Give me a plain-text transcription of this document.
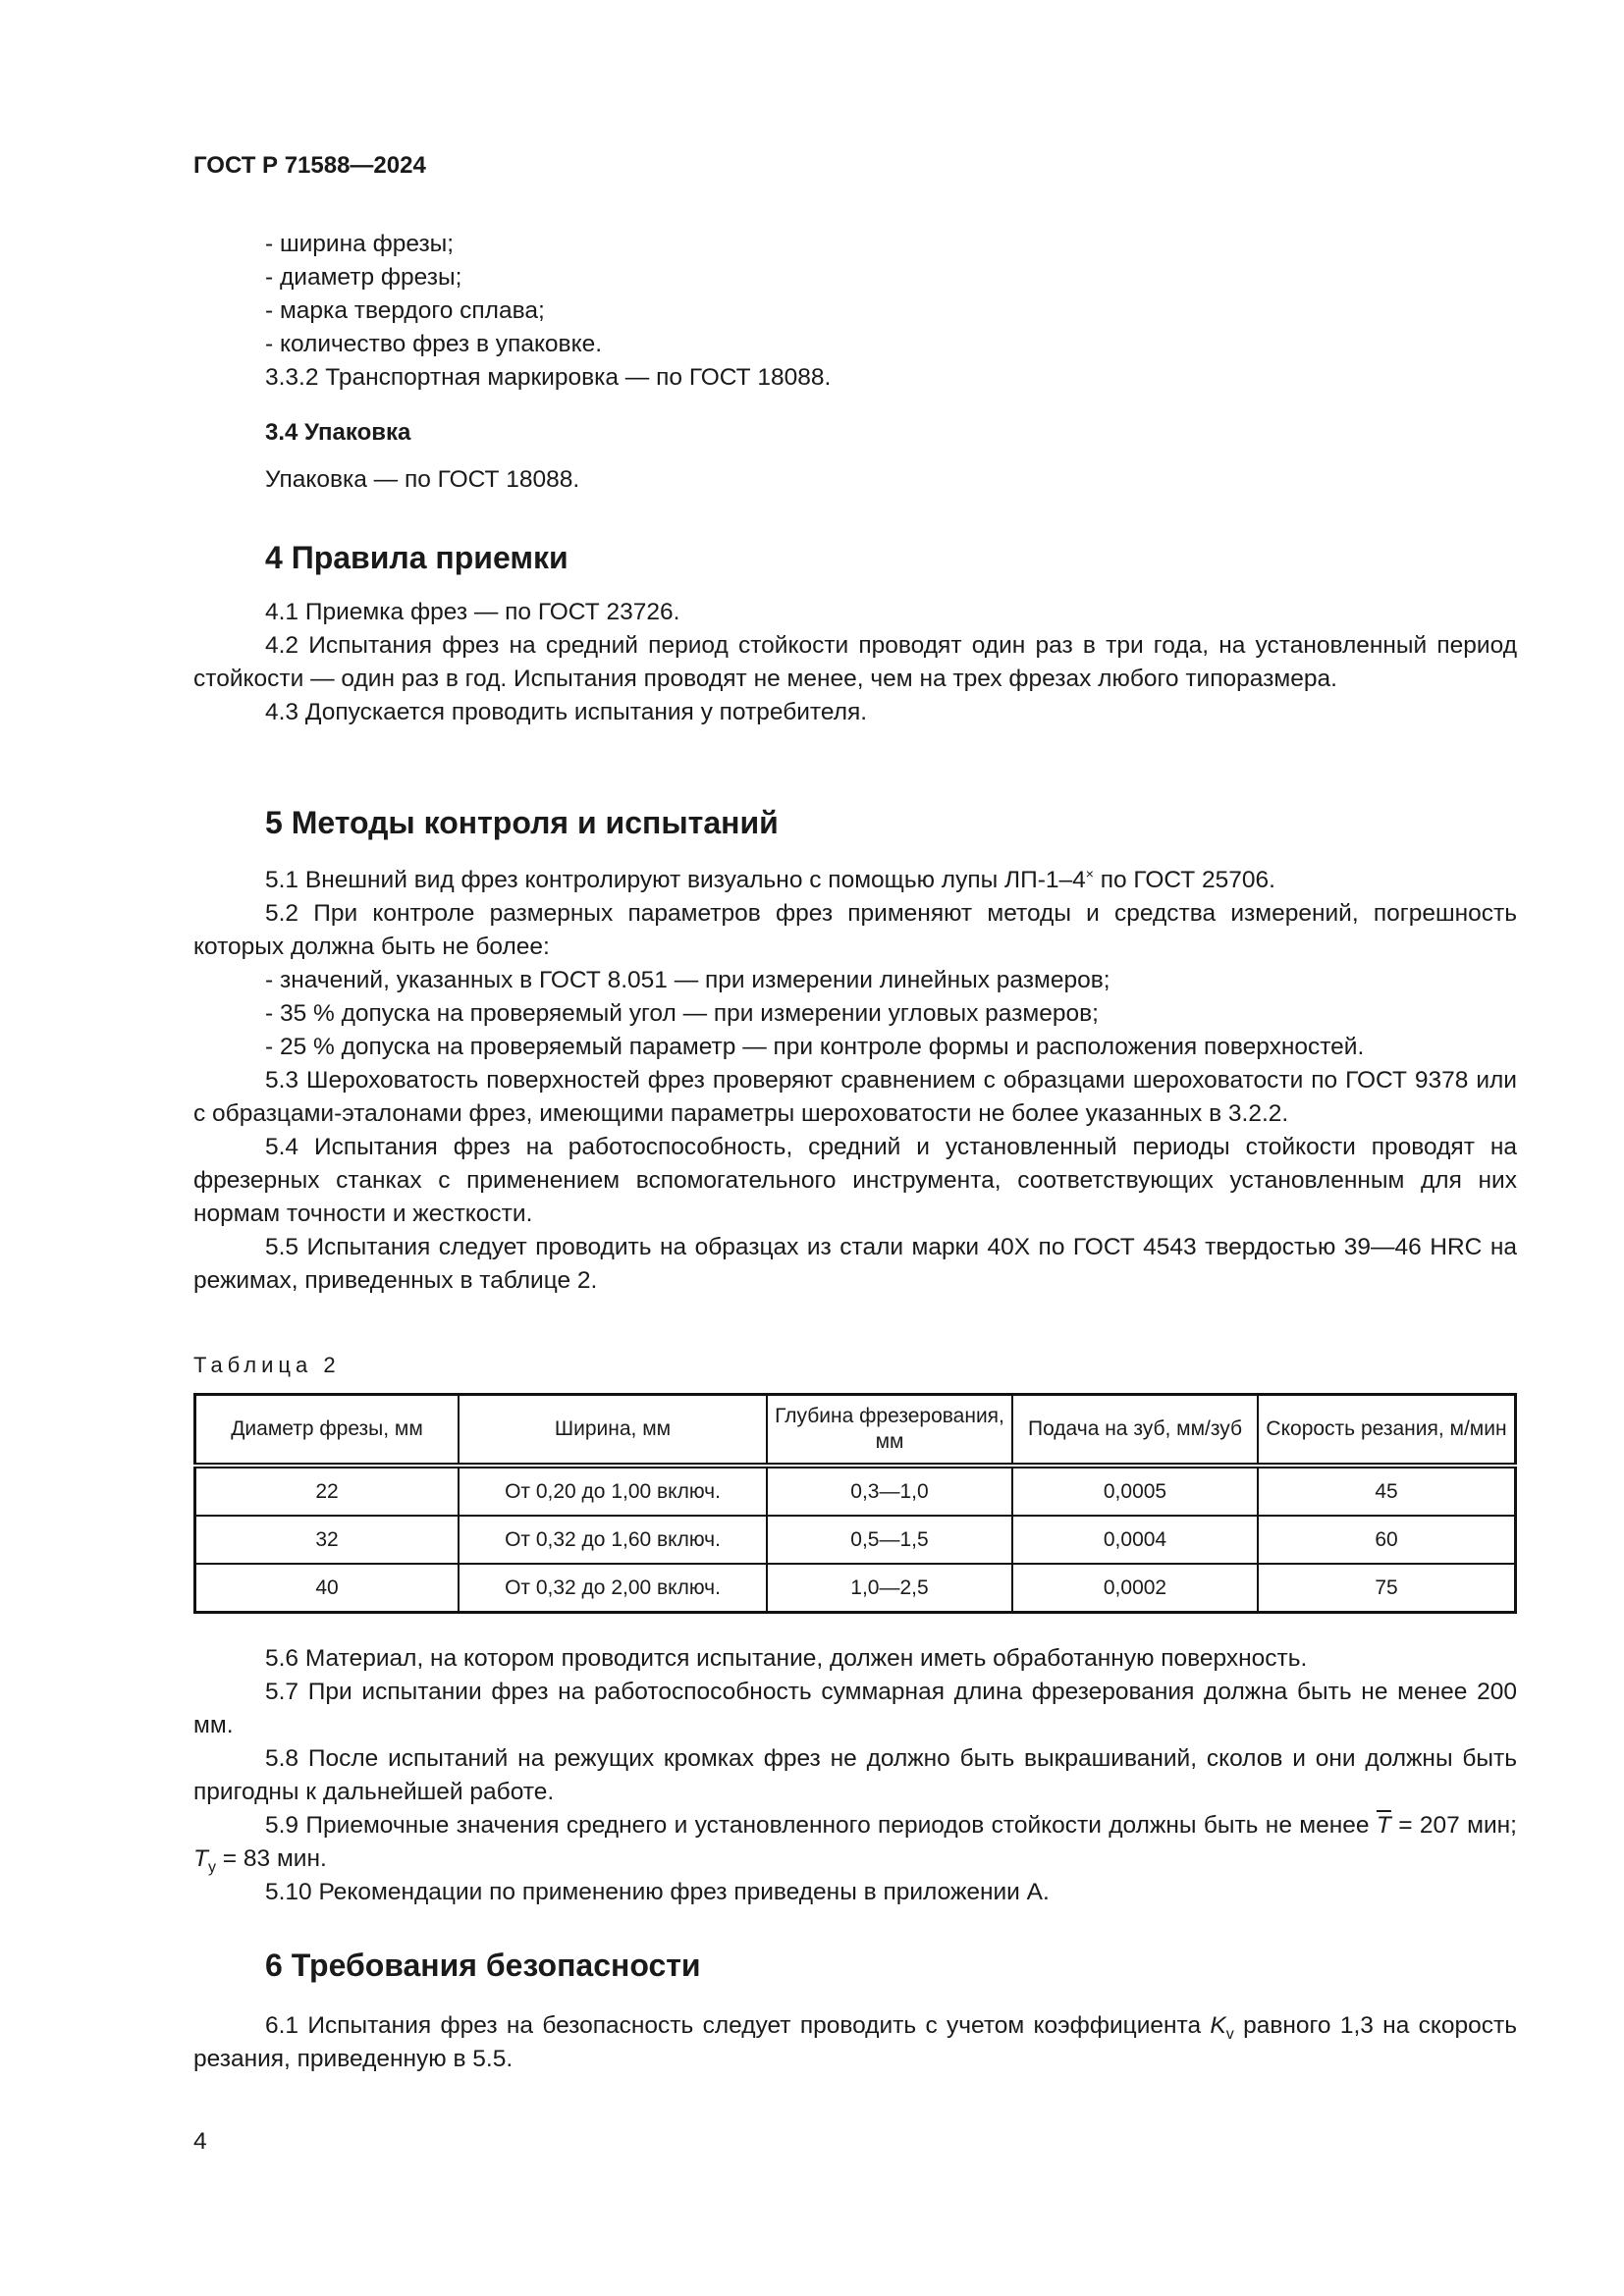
ГОСТ Р 71588—2024

- ширина фрезы;

- диаметр фрезы;

- марка твердого сплава;

- количество фрез в упаковке.

3.3.2 Транспортная маркировка — по ГОСТ 18088.

3.4 Упаковка

Упаковка — по ГОСТ 18088.

4 Правила приемки

4.1 Приемка фрез — по ГОСТ 23726.

4.2 Испытания фрез на средний период стойкости проводят один раз в три года, на установленный период стойкости — один раз в год. Испытания проводят не менее, чем на трех фрезах любого типоразмера.

4.3 Допускается проводить испытания у потребителя.

5 Методы контроля и испытаний

5.1 Внешний вид фрез контролируют визуально с помощью лупы ЛП-1–4× по ГОСТ 25706.

5.2 При контроле размерных параметров фрез применяют методы и средства измерений, погрешность которых должна быть не более:

- значений, указанных в ГОСТ 8.051 — при измерении линейных размеров;

- 35 % допуска на проверяемый угол — при измерении угловых размеров;

- 25 % допуска на проверяемый параметр — при контроле формы и расположения поверхностей.

5.3 Шероховатость поверхностей фрез проверяют сравнением с образцами шероховатости по ГОСТ 9378 или с образцами-эталонами фрез, имеющими параметры шероховатости не более указанных в 3.2.2.

5.4 Испытания фрез на работоспособность, средний и установленный периоды стойкости проводят на фрезерных станках с применением вспомогательного инструмента, соответствующих установленным для них нормам точности и жесткости.

5.5 Испытания следует проводить на образцах из стали марки 40Х по ГОСТ 4543 твердостью 39—46 HRC на режимах, приведенных в таблице 2.

Таблица 2
Диаметр фрезы, мм	Ширина, мм	Глубина фрезерования, мм	Подача на зуб, мм/зуб	Скорость резания, м/мин
22	От 0,20 до 1,00 включ.	0,3—1,0	0,0005	45
32	От 0,32 до 1,60 включ.	0,5—1,5	0,0004	60
40	От 0,32 до 2,00 включ.	1,0—2,5	0,0002	75

5.6 Материал, на котором проводится испытание, должен иметь обработанную поверхность.

5.7 При испытании фрез на работоспособность суммарная длина фрезерования должна быть не менее 200 мм.

5.8 После испытаний на режущих кромках фрез не должно быть выкрашиваний, сколов и они должны быть пригодны к дальнейшей работе.

5.9 Приемочные значения среднего и установленного периодов стойкости должны быть не менее $\overline{T} = 207$ мин; $T_у = 83$ мин.

5.10 Рекомендации по применению фрез приведены в приложении А.

6 Требования безопасности

6.1 Испытания фрез на безопасность следует проводить с учетом коэффициента $K_v$ равного 1,3 на скорость резания, приведенную в 5.5.

4
